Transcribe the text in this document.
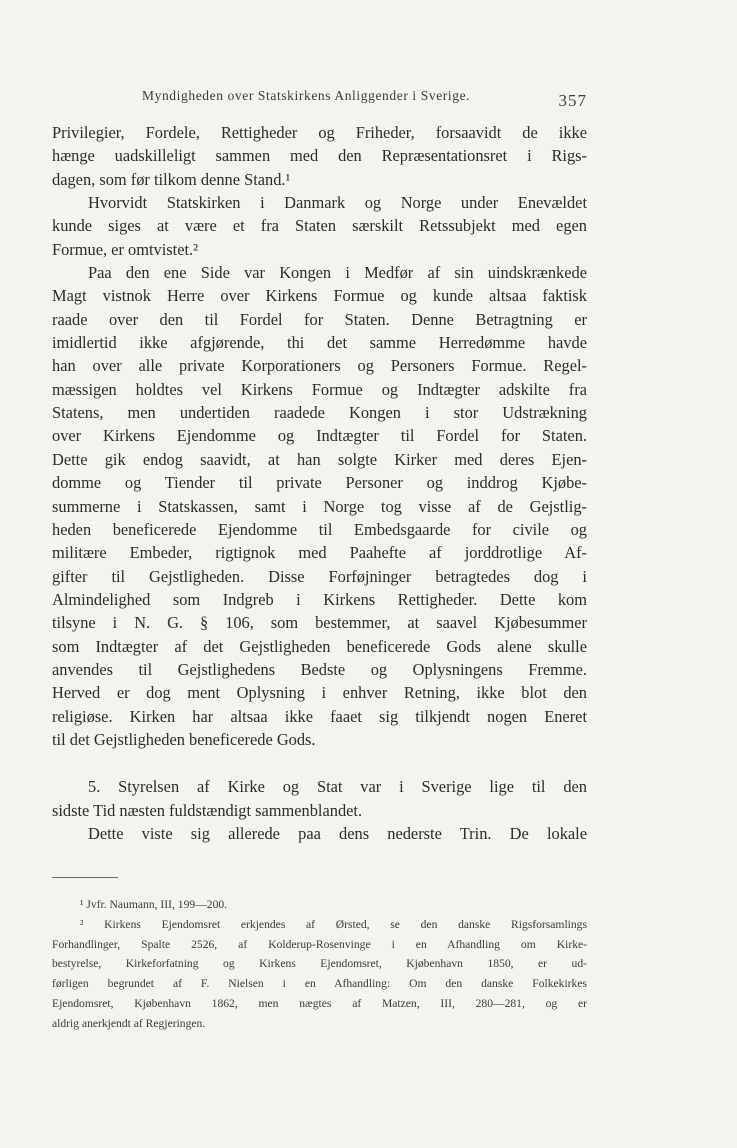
Myndigheden over Statskirkens Anliggender i Sverige.	357
Privilegier, Fordele, Rettigheder og Friheder, forsaavidt de ikke
hænge uadskilleligt sammen med den Repræsentationsret i Rigs-
dagen, som før tilkom denne Stand.¹
Hvorvidt Statskirken i Danmark og Norge under Enevældet
kunde siges at være et fra Staten særskilt Retssubjekt med egen
Formue, er omtvistet.²
Paa den ene Side var Kongen i Medfør af sin uindskrænkede
Magt vistnok Herre over Kirkens Formue og kunde altsaa faktisk
raade over den til Fordel for Staten. Denne Betragtning er
imidlertid ikke afgjørende, thi det samme Herredømme havde
han over alle private Korporationers og Personers Formue. Regel-
mæssigen holdtes vel Kirkens Formue og Indtægter adskilte fra
Statens, men undertiden raadede Kongen i stor Udstrækning
over Kirkens Ejendomme og Indtægter til Fordel for Staten.
Dette gik endog saavidt, at han solgte Kirker med deres Ejen-
domme og Tiender til private Personer og inddrog Kjøbe-
summerne i Statskassen, samt i Norge tog visse af de Gejstlig-
heden beneficerede Ejendomme til Embedsgaarde for civile og
militære Embeder, rigtignok med Paahefte af jorddrotlige Af-
gifter til Gejstligheden. Disse Forføjninger betragtedes dog i
Almindelighed som Indgreb i Kirkens Rettigheder. Dette kom
tilsyne i N. G. § 106, som bestemmer, at saavel Kjøbesummer
som Indtægter af det Gejstligheden beneficerede Gods alene skulle
anvendes til Gejstlighedens Bedste og Oplysningens Fremme.
Herved er dog ment Oplysning i enhver Retning, ikke blot den
religiøse. Kirken har altsaa ikke faaet sig tilkjendt nogen Eneret
til det Gejstligheden beneficerede Gods.
5. Styrelsen af Kirke og Stat var i Sverige lige til den
sidste Tid næsten fuldstændigt sammenblandet.
Dette viste sig allerede paa dens nederste Trin. De lokale
¹ Jvfr. Naumann, III, 199—200.
² Kirkens Ejendomsret erkjendes af Ørsted, se den danske Rigsforsamlings
Forhandlinger, Spalte 2526, af Kolderup-Rosenvinge i en Afhandling om Kirke-
bestyrelse, Kirkeforfatning og Kirkens Ejendomsret, Kjøbenhavn 1850, er ud-
førligen begrundet af F. Nielsen i en Afhandling: Om den danske Folkekirkes
Ejendomsret, Kjøbenhavn 1862, men nægtes af Matzen, III, 280—281, og er
aldrig anerkjendt af Regjeringen.
